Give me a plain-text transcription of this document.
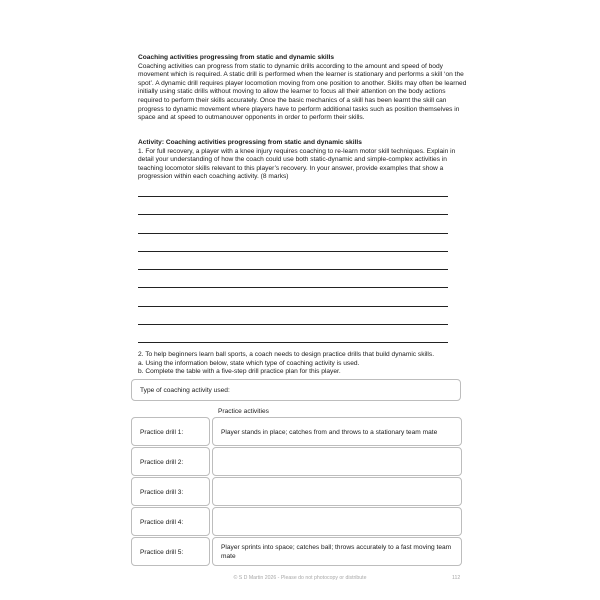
Coaching activities progressing from static and dynamic skills

Coaching activities can progress from static to dynamic drills according to the amount and speed of body movement which is required. A static drill is performed when the learner is stationary and performs a skill ‘on the spot’. A dynamic drill requires player locomotion moving from one position to another. Skills may often be learned initially using static drills without moving to allow the learner to focus all their attention on the body actions required to perform their skills accurately. Once the basic mechanics of a skill has been learnt the skill can progress to dynamic movement where players have to perform additional tasks such as position themselves in space and at speed to outmanouver opponents in order to perform their skills.

Activity: Coaching activities progressing from static and dynamic skills

1. For full recovery, a player with a knee injury requires coaching to re-learn motor skill techniques. Explain in detail your understanding of how the coach could use both static-dynamic and simple-complex activities in teaching locomotor skills relevant to this player’s recovery. In your answer, provide examples that show a progression within each coaching activity. (8 marks)

2. To help beginners learn ball sports, a coach needs to design practice drills that build dynamic skills.

a. Using the information below, state which type of coaching activity is used.

b. Complete the table with a five-step drill practice plan for this player.

Type of coaching activity used:
Practice activities
Practice drill 1:	Player stands in place; catches from and throws to a stationary team mate
Practice drill 2:
Practice drill 3:
Practice drill 4:
Practice drill 5:
Player sprints into space; catches ball; throws accurately to a fast moving team mate
© S D Martin 2026 - Please do not photocopy or distribute	112
